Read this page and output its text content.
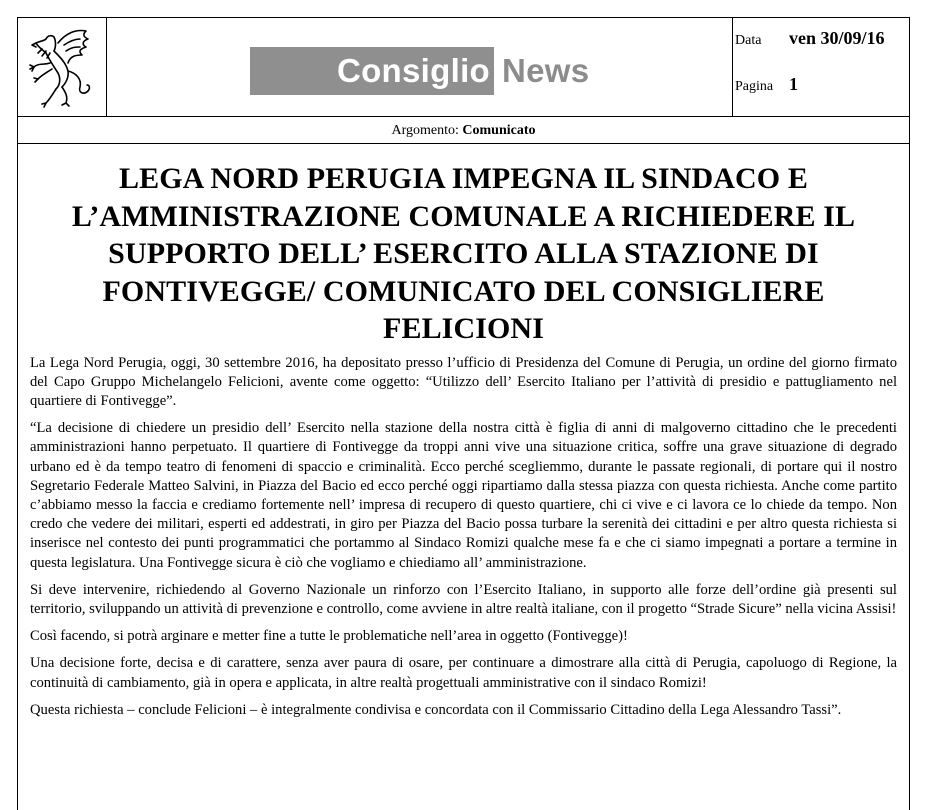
Consiglio News
Data	ven 30/09/16
Pagina 1
Argomento: Comunicato
LEGA NORD PERUGIA IMPEGNA IL SINDACO E L’AMMINISTRAZIONE COMUNALE A RICHIEDERE IL SUPPORTO DELL’ ESERCITO ALLA STAZIONE DI FONTIVEGGE/ COMUNICATO DEL CONSIGLIERE FELICIONI

La Lega Nord Perugia, oggi, 30 settembre 2016, ha depositato presso l’ufficio di Presidenza del Comune di Perugia, un ordine del giorno firmato del Capo Gruppo Michelangelo Felicioni, avente come oggetto: “Utilizzo dell’ Esercito Italiano per l’attività di presidio e pattugliamento nel quartiere di Fontivegge”.

“La decisione di chiedere un presidio dell’ Esercito nella stazione della nostra città è figlia di anni di malgoverno cittadino che le precedenti amministrazioni hanno perpetuato. Il quartiere di Fontivegge da troppi anni vive una situazione critica, soffre una grave situazione di degrado urbano ed è da tempo teatro di fenomeni di spaccio e criminalità. Ecco perché scegliemmo, durante le passate regionali, di portare qui il nostro Segretario Federale Matteo Salvini, in Piazza del Bacio ed ecco perché oggi ripartiamo dalla stessa piazza con questa richiesta. Anche come partito c’abbiamo messo la faccia e crediamo fortemente nell’ impresa di recupero di questo quartiere, chi ci vive e ci lavora ce lo chiede da tempo. Non credo che vedere dei militari, esperti ed addestrati, in giro per Piazza del Bacio possa turbare la serenità dei cittadini e per altro questa richiesta si inserisce nel contesto dei punti programmatici che portammo al Sindaco Romizi qualche mese fa e che ci siamo impegnati a portare a termine in questa legislatura. Una Fontivegge sicura è ciò che vogliamo e chiediamo all’ amministrazione.

Si deve intervenire, richiedendo al Governo Nazionale un rinforzo con l’Esercito Italiano, in supporto alle forze dell’ordine già presenti sul territorio, sviluppando un attività di prevenzione e controllo, come avviene in altre realtà italiane, con il progetto “Strade Sicure” nella vicina Assisi!

Così facendo, si potrà arginare e metter fine a tutte le problematiche nell’area in oggetto (Fontivegge)!

Una decisione forte, decisa e di carattere, senza aver paura di osare, per continuare a dimostrare alla città di Perugia, capoluogo di Regione, la continuità di cambiamento, già in opera e applicata, in altre realtà progettuali amministrative con il sindaco Romizi!

Questa richiesta – conclude Felicioni – è integralmente condivisa e concordata con il Commissario Cittadino della Lega Alessandro Tassi”.
